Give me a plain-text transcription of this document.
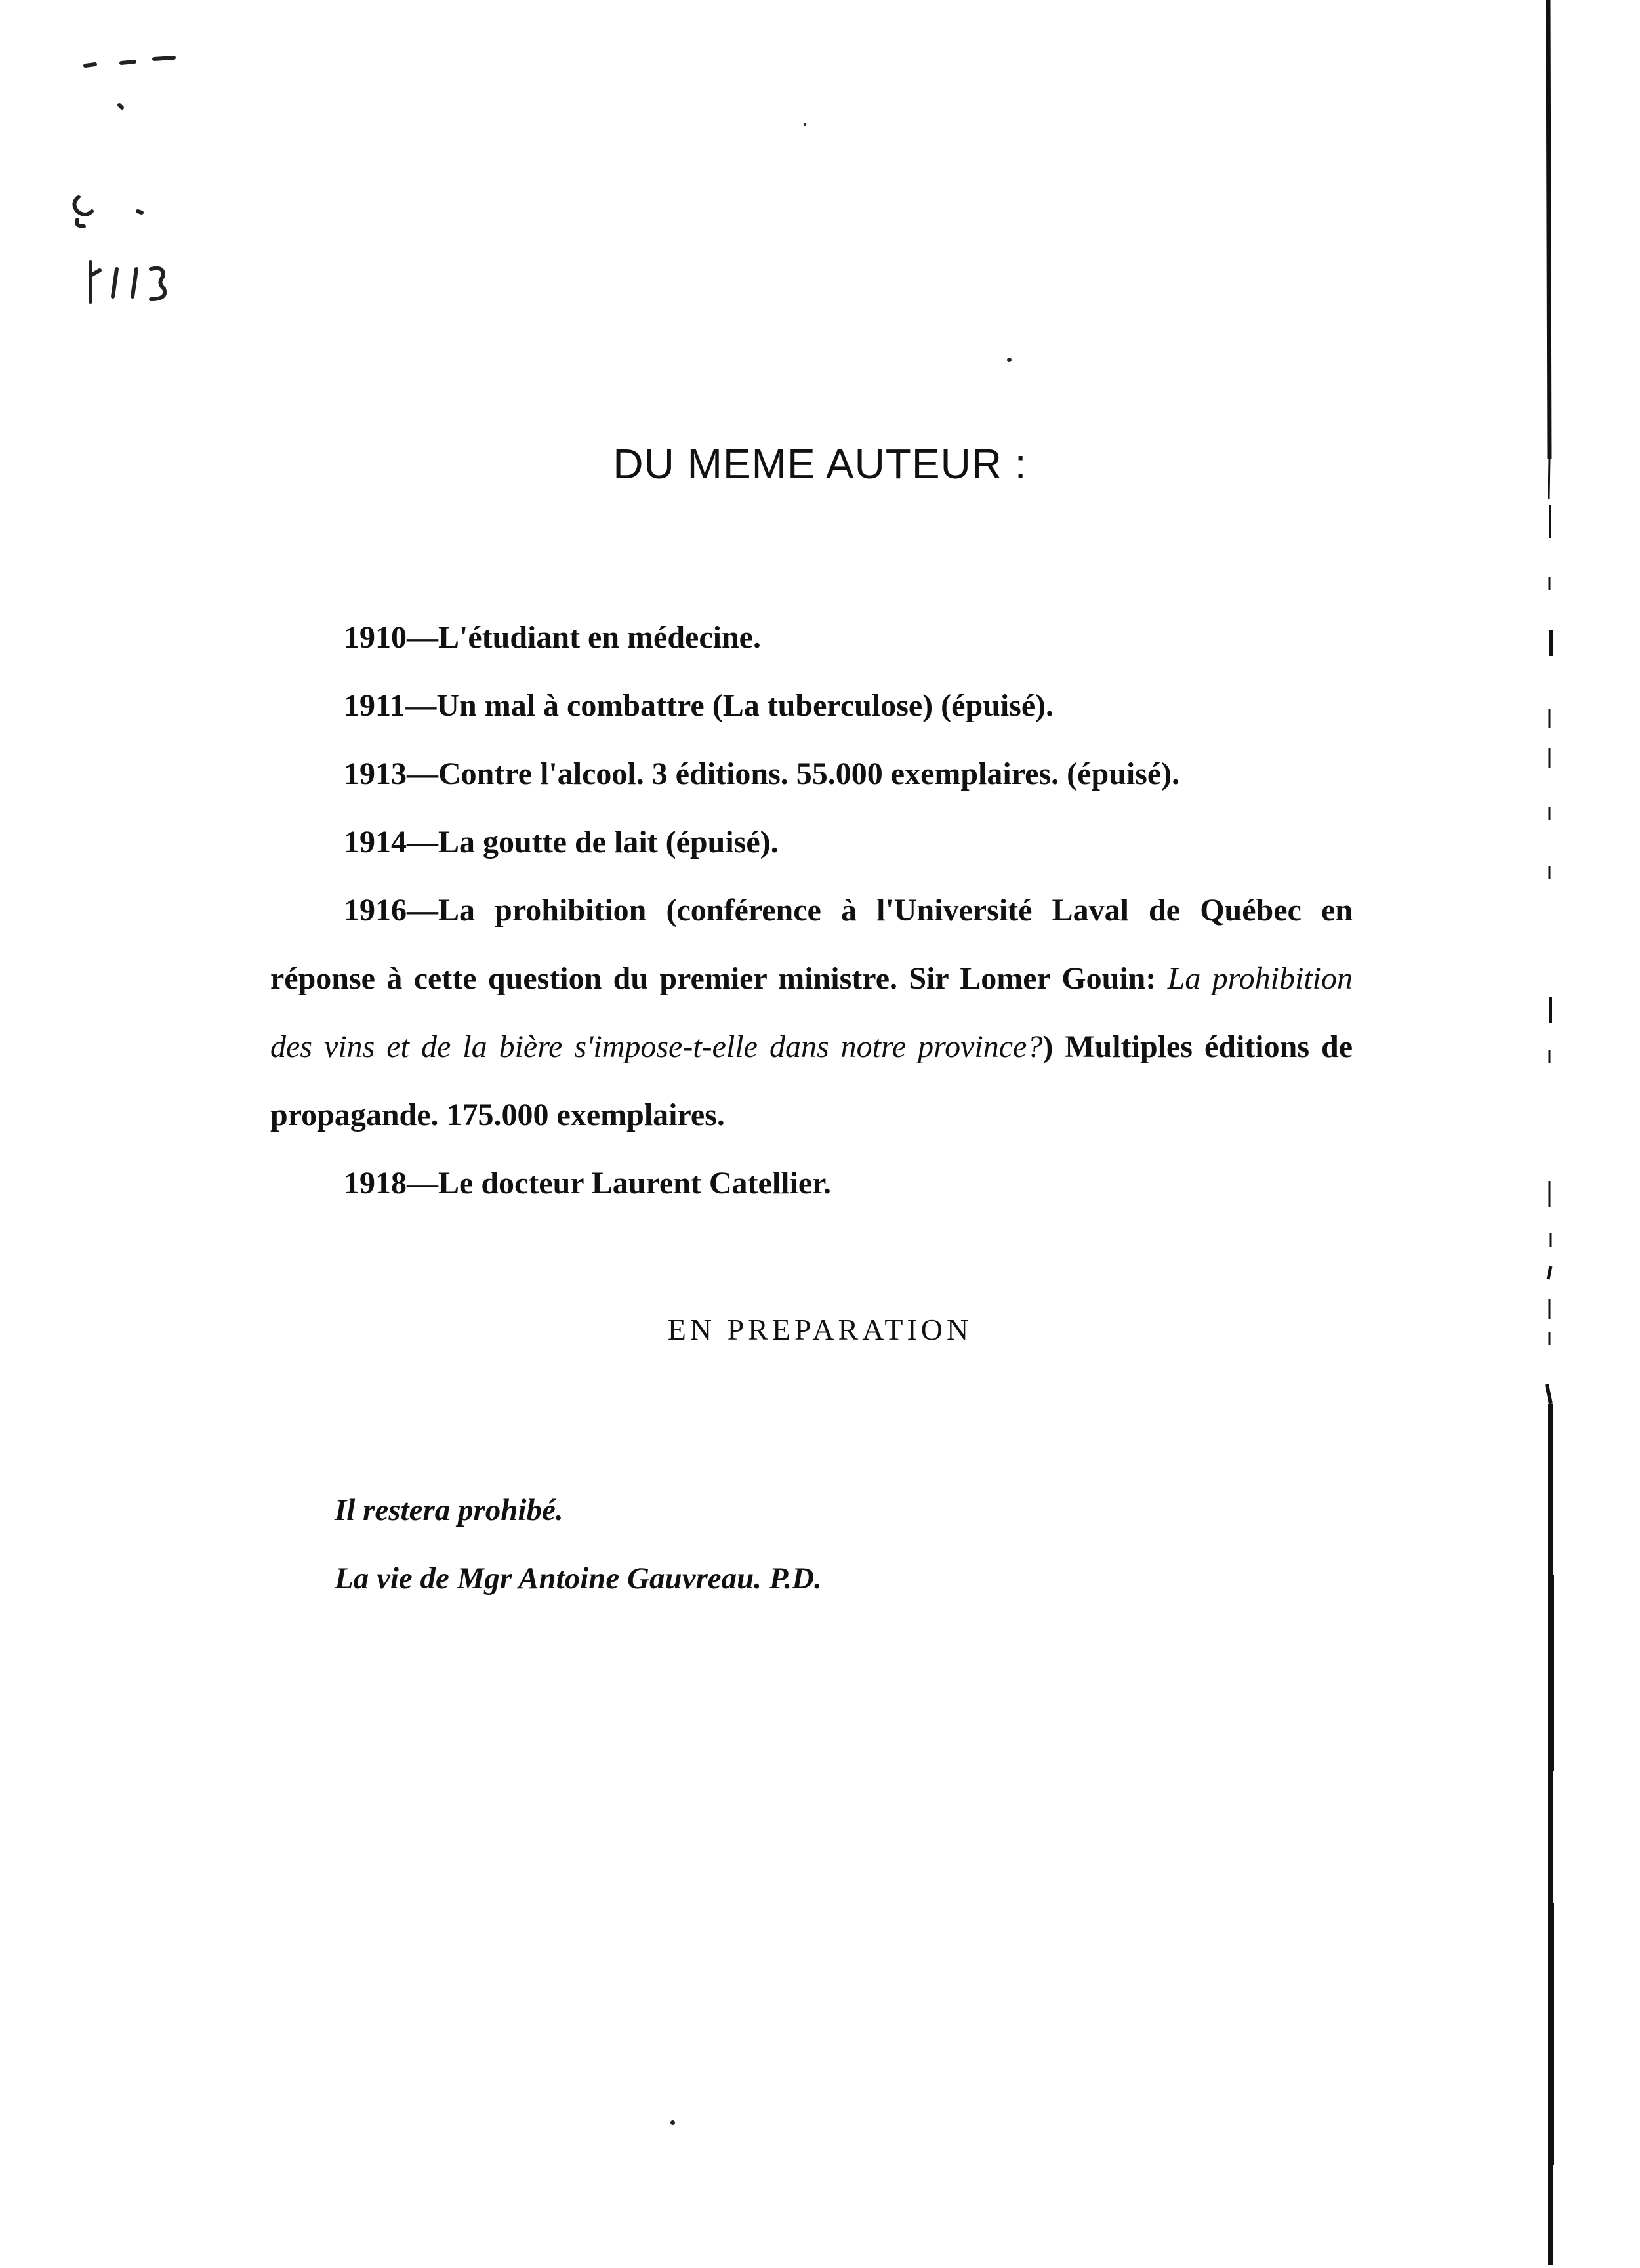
DU MEME AUTEUR :

1910—L'étudiant en médecine.

1911—Un mal à combattre (La tuberculose) (épuisé).

1913—Contre l'alcool. 3 éditions. 55.000 exemplaires. (épuisé).

1914—La goutte de lait (épuisé).

1916—La prohibition (conférence à l'Université Laval de Québec en réponse à cette question du premier ministre. Sir Lomer Gouin: La prohibition des vins et de la bière s'impose-t-elle dans notre province?) Multiples éditions de propagande. 175.000 exemplaires.

1918—Le docteur Laurent Catellier.

EN PREPARATION
Il restera prohibé.
La vie de Mgr Antoine Gauvreau. P.D.
